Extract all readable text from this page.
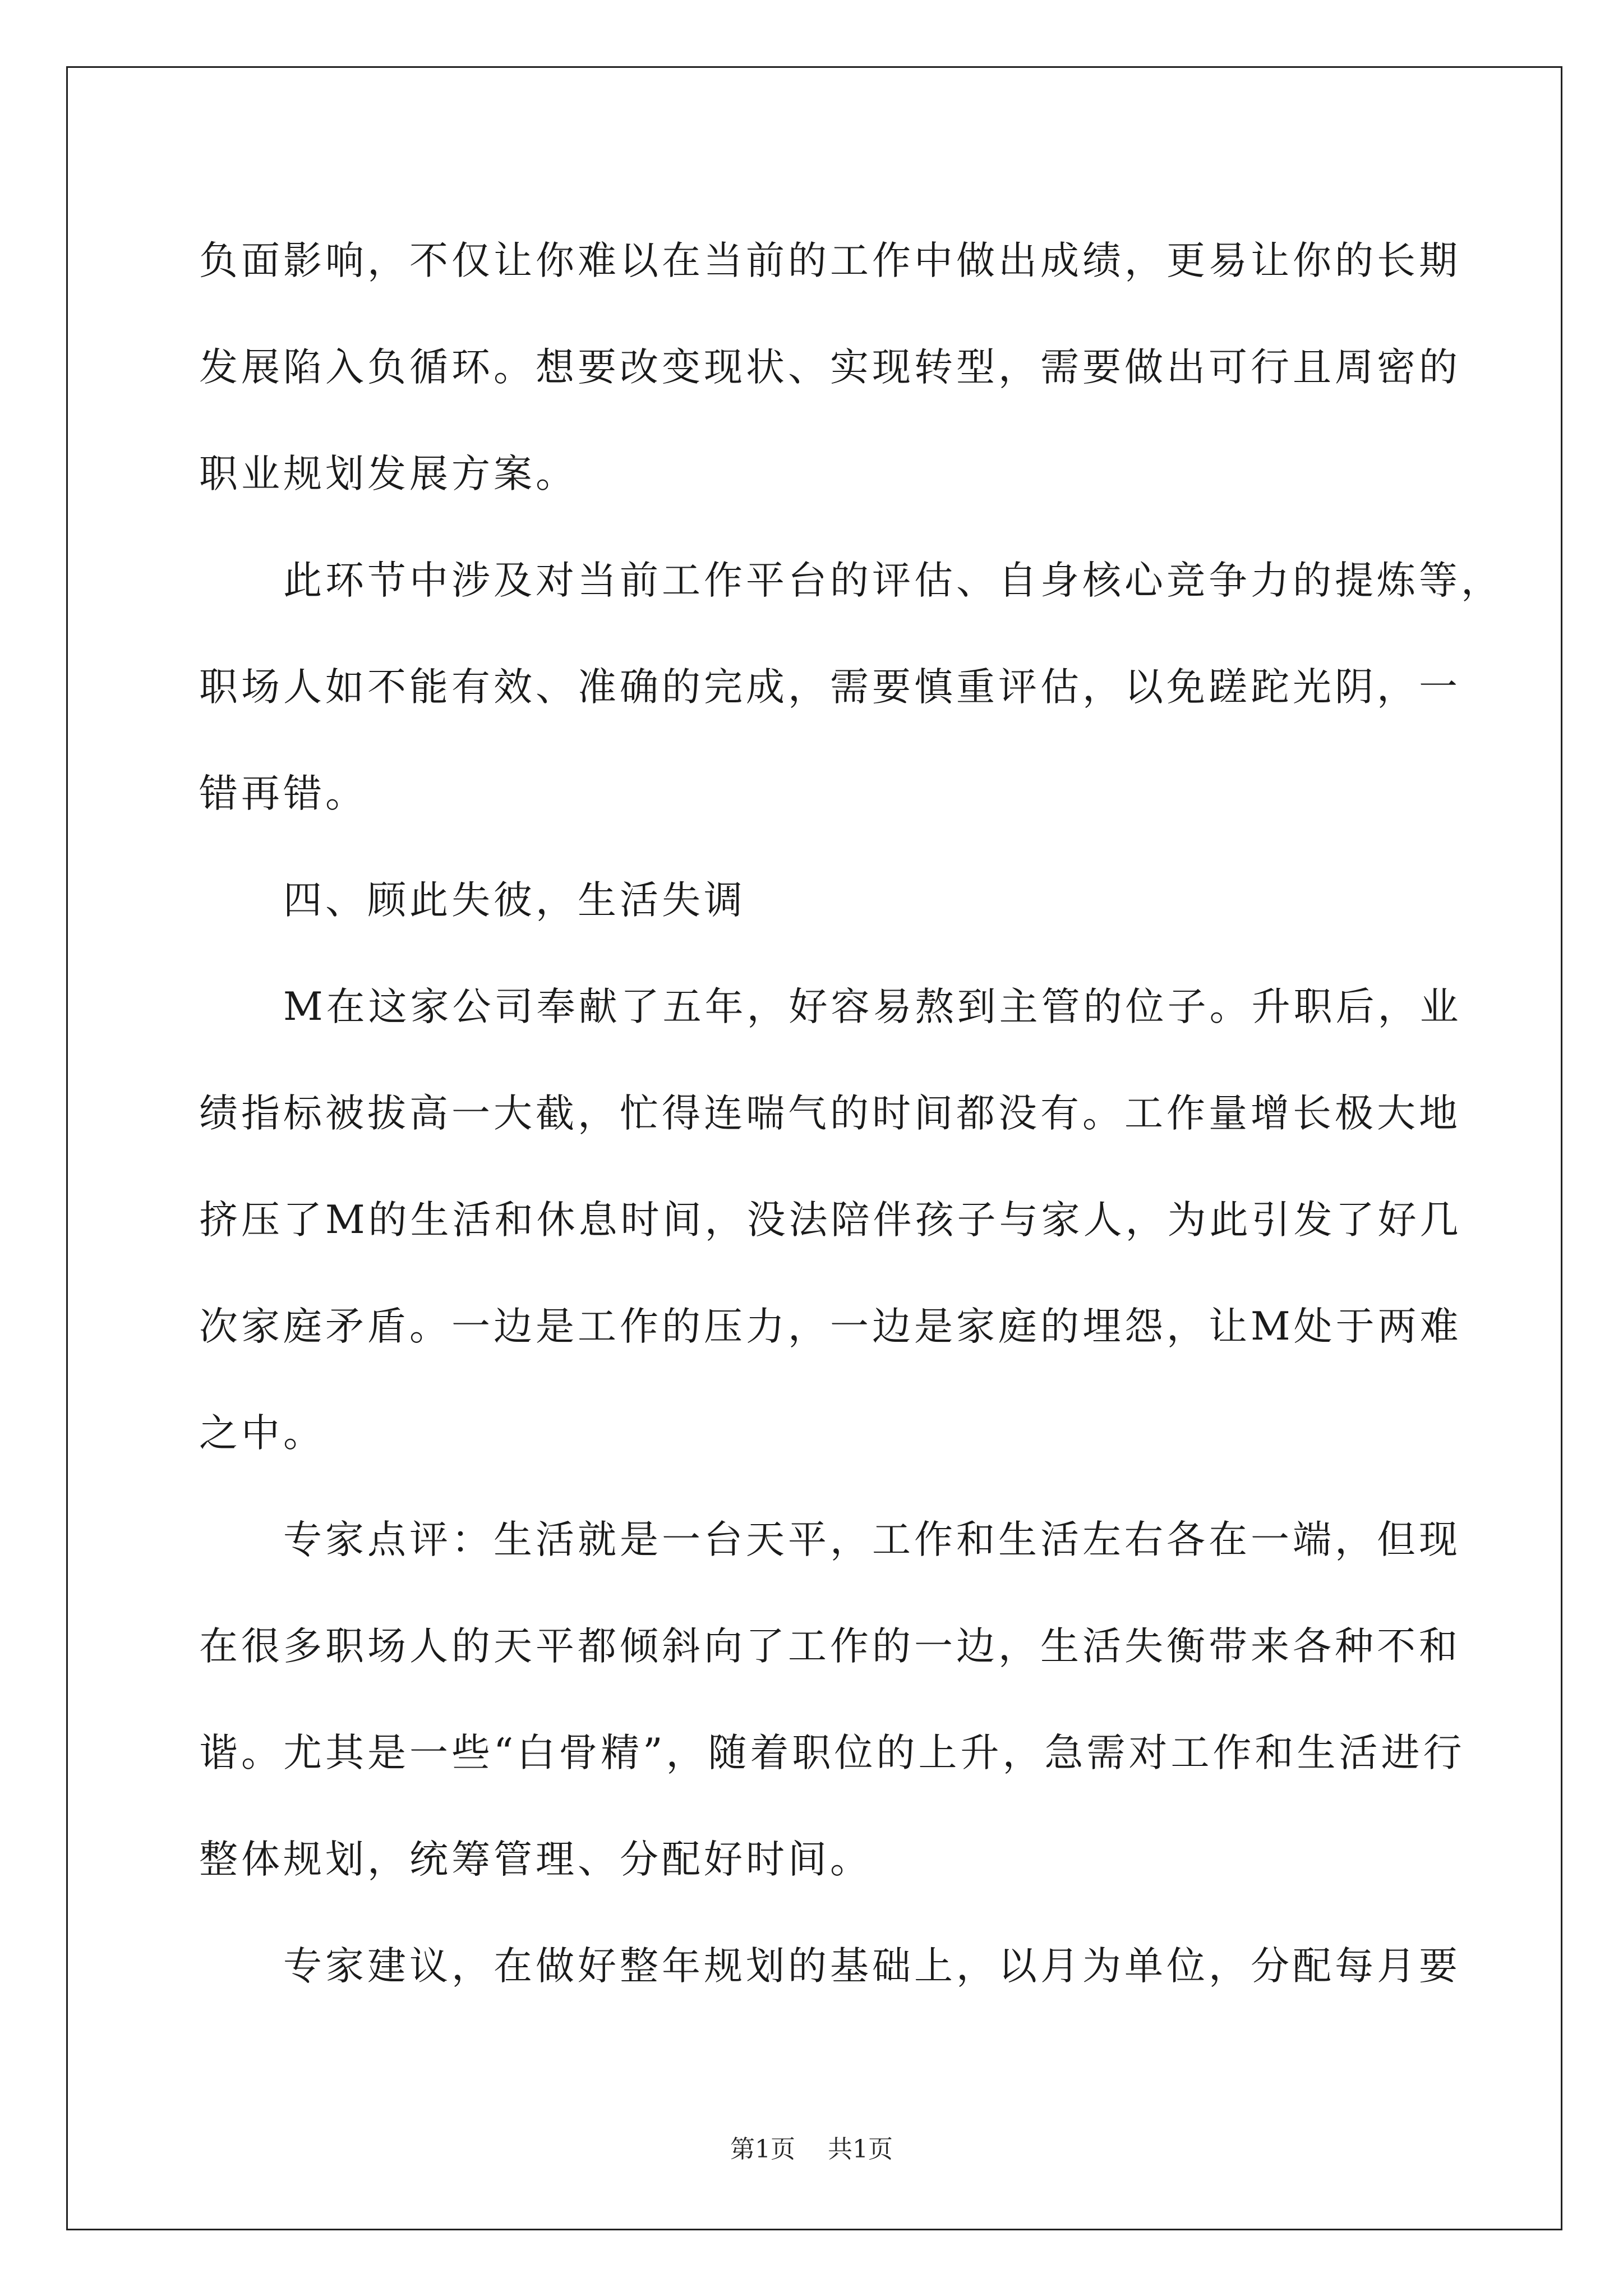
负面影响，不仅让你难以在当前的工作中做出成绩，更易让你的长期
发展陷入负循环。想要改变现状、实现转型，需要做出可行且周密的
职业规划发展方案。

此环节中涉及对当前工作平台的评估、自身核心竞争力的提炼等，
职场人如不能有效、准确的完成，需要慎重评估，以免蹉跎光阴，一
错再错。

四、顾此失彼，生活失调

M在这家公司奉献了五年，好容易熬到主管的位子。升职后，业
绩指标被拔高一大截，忙得连喘气的时间都没有。工作量增长极大地
挤压了M的生活和休息时间，没法陪伴孩子与家人，为此引发了好几
次家庭矛盾。一边是工作的压力，一边是家庭的埋怨，让M处于两难
之中。

专家点评：生活就是一台天平，工作和生活左右各在一端，但现
在很多职场人的天平都倾斜向了工作的一边，生活失衡带来各种不和
谐。尤其是一些“白骨精”，随着职位的上升，急需对工作和生活进行
整体规划，统筹管理、分配好时间。

专家建议，在做好整年规划的基础上，以月为单位，分配每月要

第1页 共1页
